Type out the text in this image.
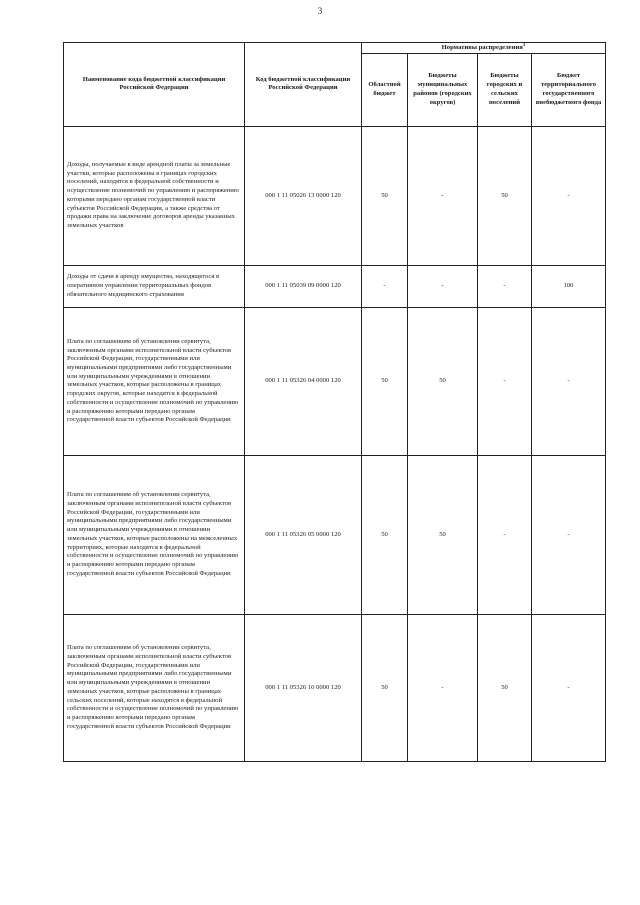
3
Наименование кода бюджетной классификации Российской Федерации	Код бюджетной классификации Российской Федерации	Нормативы распределения$^1$
		Областной бюджет	Бюджеты муниципальных районов (городских округов)	Бюджеты городских и сельских поселений	Бюджет территориального государственного внебюджетного фонда
Доходы, получаемые в виде арендной платы за земельные участки, которые расположены в границах городских поселений, находятся в федеральной собственности и осуществление полномочий по управлению и распоряжению которыми передано органам государственной власти субъектов Российской Федерации, а также средства от продажи права на заключение договоров аренды указанных земельных участков	000 1 11 05026 13 0000 120	50	-	50	-
Доходы от сдачи в аренду имущества, находящегося в оперативном управлении территориальных фондов обязательного медицинского страхования	000 1 11 05039 09 0000 120	-	-	-	100
Плата по соглашениям об установлении сервитута, заключенным органами исполнительной власти субъектов Российской Федерации, государственными или муниципальными предприятиями либо государственными или муниципальными учреждениями в отношении земельных участков, которые расположены в границах городских округов, которые находятся в федеральной собственности и осуществление полномочий по управлению и распоряжению которыми передано органам государственной власти субъектов Российской Федерации	000 1 11 05326 04 0000 120	50	50	-	-
Плата по соглашениям об установлении сервитута, заключенным органами исполнительной власти субъектов Российской Федерации, государственными или муниципальными предприятиями либо государственными или муниципальными учреждениями в отношении земельных участков, которые расположены на межселенных территориях, которые находятся в федеральной собственности и осуществление полномочий по управлению и распоряжению которыми передано органам государственной власти субъектов Российской Федерации	000 1 11 05326 05 0000 120	50	50	-	-
Плата по соглашениям об установлении сервитута, заключенным органами исполнительной власти субъектов Российской Федерации, государственными или муниципальными предприятиями либо государственными или муниципальными учреждениями в отношении земельных участков, которые расположены в границах сельских поселений, которые находятся в федеральной собственности и осуществление полномочий по управлению и распоряжению которыми передано органам государственной власти субъектов Российской Федерации	000 1 11 05326 10 0000 120	50	-	50	-
